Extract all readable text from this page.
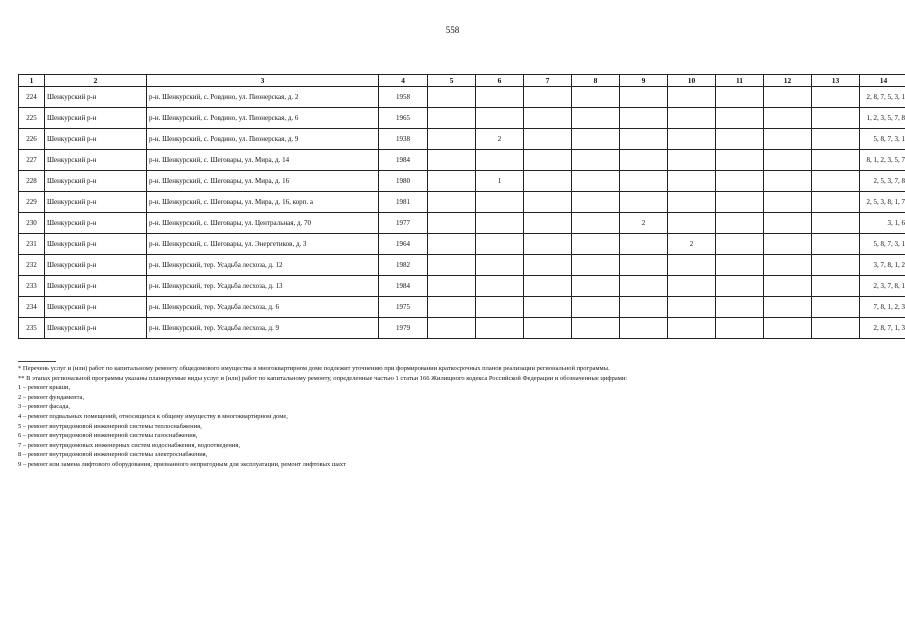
558
1	2	3	4	5	6	7	8	9	10	11	12	13	14
224	Шенкурский р-н	р-н. Шенкурский, с. Ровдино, ул. Пионерская, д. 2	1958										2, 8, 7, 5, 3, 1
225	Шенкурский р-н	р-н. Шенкурский, с. Ровдино, ул. Пионерская, д. 6	1965										1, 2, 3, 5, 7, 8
226	Шенкурский р-н	р-н. Шенкурский, с. Ровдино, ул. Пионерская, д. 9	1938		2								5, 8, 7, 3, 1
227	Шенкурский р-н	р-н. Шенкурский, с. Шеговары, ул. Мира, д. 14	1984										8, 1, 2, 3, 5, 7
228	Шенкурский р-н	р-н. Шенкурский, с. Шеговары, ул. Мира, д. 16	1980		1								2, 5, 3, 7, 8
229	Шенкурский р-н	р-н. Шенкурский, с. Шеговары, ул. Мира, д. 16, корп. а	1981										2, 5, 3, 8, 1, 7
230	Шенкурский р-н	р-н. Шенкурский, с. Шеговары, ул. Центральная, д. 70	1977					2					3, 1, 6
231	Шенкурский р-н	р-н. Шенкурский, с. Шеговары, ул. Энергетиков, д. 3	1964						2				5, 8, 7, 3, 1
232	Шенкурский р-н	р-н. Шенкурский, тер. Усадьба лесхоза, д. 12	1982										3, 7, 8, 1, 2
233	Шенкурский р-н	р-н. Шенкурский, тер. Усадьба лесхоза, д. 13	1984										2, 3, 7, 8, 1
234	Шенкурский р-н	р-н. Шенкурский, тер. Усадьба лесхоза, д. 6	1975										7, 8, 1, 2, 3
235	Шенкурский р-н	р-н. Шенкурский, тер. Усадьба лесхоза, д. 9	1979										2, 8, 7, 1, 3

* Перечень услуг и (или) работ по капитальному ремонту общедомового имущества в многоквартирном доме подлежит уточнению при формировании краткосрочных планов реализации региональной программы.

** В этапах региональной программы указаны планируемые виды услуг и (или) работ по капитальному ремонту, определенные частью 1 статьи 166 Жилищного кодекса Российской Федерации и обозначенные цифрами:

1 – ремонт крыши,

2 – ремонт фундамента,

3 – ремонт фасада,

4 – ремонт подвальных помещений, относящихся к общему имуществу в многоквартирном доме,

5 – ремонт внутридомовой инженерной системы теплоснабжения,

6 – ремонт внутридомовой инженерной системы газоснабжения,

7 – ремонт внутридомовых инженерных систем водоснабжения, водоотведения,

8 – ремонт внутридомовой инженерной системы электроснабжения,

9 – ремонт или замена лифтового оборудования, признанного непригодным для эксплуатации, ремонт лифтовых шахт
